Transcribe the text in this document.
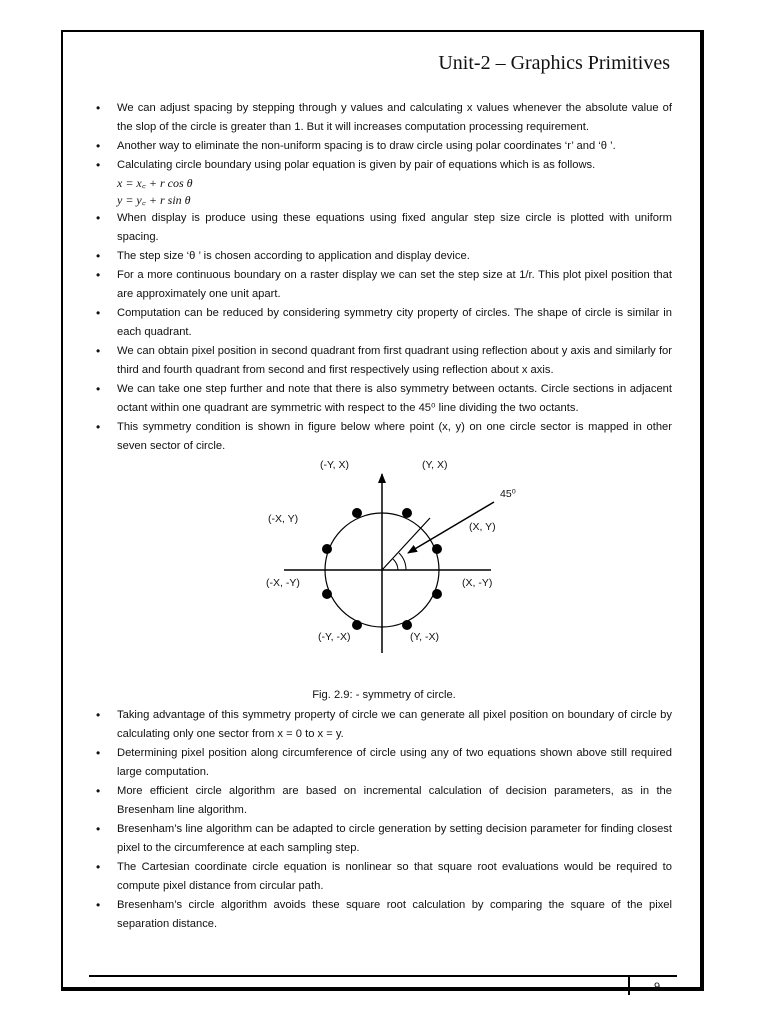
Unit-2 – Graphics Primitives
• We can adjust spacing by stepping through y values and calculating x values whenever the absolute value of the slop of the circle is greater than 1. But it will increases computation processing requirement.
• Another way to eliminate the non-uniform spacing is to draw circle using polar coordinates ‘r’ and ‘θ ’.
• Calculating circle boundary using polar equation is given by pair of equations which is as follows.
x = x꜀ + r cos θ
y = y꜀ + r sin θ
• When display is produce using these equations using fixed angular step size circle is plotted with uniform spacing.
• The step size ‘θ ’ is chosen according to application and display device.
• For a more continuous boundary on a raster display we can set the step size at 1/r. This plot pixel position that are approximately one unit apart.
• Computation can be reduced by considering symmetry city property of circles. The shape of circle is similar in each quadrant.
• We can obtain pixel position in second quadrant from first quadrant using reflection about y axis and similarly for third and fourth quadrant from second and first respectively using reflection about x axis.
• We can take one step further and note that there is also symmetry between octants. Circle sections in adjacent octant within one quadrant are symmetric with respect to the 45⁰ line dividing the two octants.
• This symmetry condition is shown in figure below where point (x, y) on one circle sector is mapped in other seven sector of circle.
(-Y, X)	(Y, X)
45⁰
(-X, Y)
(X, Y)
(-X, -Y)	(X, -Y)
(-Y, -X)	(Y, -X)
Fig. 2.9: - symmetry of circle.
• Taking advantage of this symmetry property of circle we can generate all pixel position on boundary of circle by calculating only one sector from x = 0 to x = y.
• Determining pixel position along circumference of circle using any of two equations shown above still required large computation.
• More efficient circle algorithm are based on incremental calculation of decision parameters, as in the Bresenham line algorithm.
• Bresenham’s line algorithm can be adapted to circle generation by setting decision parameter for finding closest pixel to the circumference at each sampling step.
• The Cartesian coordinate circle equation is nonlinear so that square root evaluations would be required to compute pixel distance from circular path.
• Bresenham’s circle algorithm avoids these square root calculation by comparing the square of the pixel separation distance.
9
